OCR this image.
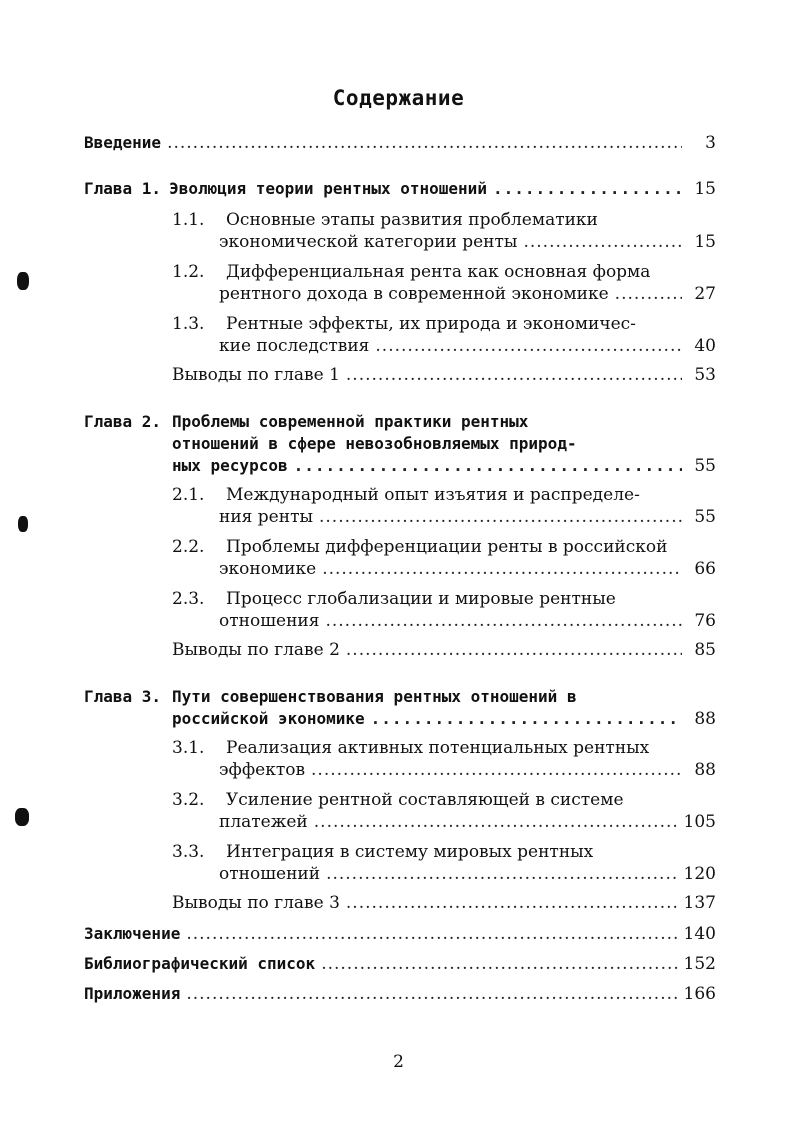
Содержание
Введение .....	3
Глава 1. Эволюция теории рентных отношений .....	15
1.1.	Основные этапы развития проблематики
экономической категории ренты .....	15
1.2.	Дифференциальная рента как основная форма
рентного дохода в современной экономике .....	27
1.3.	Рентные эффекты, их природа и экономичес-
кие последствия .....	40
Выводы по главе 1 .....	53
Глава 2. Проблемы современной практики рентных
отношений в сфере невозобновляемых природ-
ных ресурсов .....	55
2.1.	Международный опыт изъятия и распределе-
ния ренты .....	55
2.2.	Проблемы дифференциации ренты в российской
экономике .....	66
2.3.	Процесс глобализации и мировые рентные
отношения .....	76
Выводы по главе 2 .....	85
Глава 3. Пути совершенствования рентных отношений в
российской экономике .....	88
3.1.	Реализация активных потенциальных рентных
эффектов .....	88
3.2.	Усиление рентной составляющей в системе
платежей .....	105
3.3.	Интеграция в систему мировых рентных
отношений .....	120
Выводы по главе 3 .....	137
Заключение .....	140
Библиографический список .....	152
Приложения .....	166
2
